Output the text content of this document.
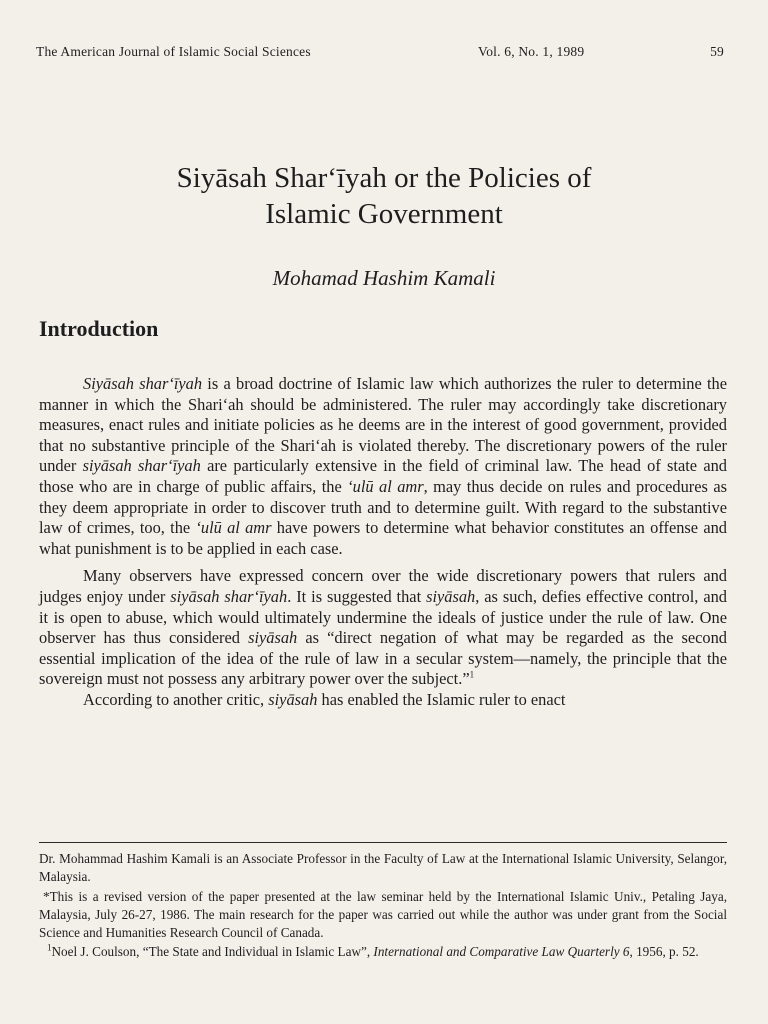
The American Journal of Islamic Social Sciences	Vol. 6, No. 1, 1989	59
Siyāsah Shar‘īyah or the Policies of
Islamic Government
Mohamad Hashim Kamali
Introduction

Siyāsah shar‘īyah is a broad doctrine of Islamic law which authorizes the ruler to determine the manner in which the Shari‘ah should be administered. The ruler may accordingly take discretionary measures, enact rules and initiate policies as he deems are in the interest of good government, provided that no substantive principle of the Shari‘ah is violated thereby. The discretionary powers of the ruler under siyāsah shar‘īyah are particularly extensive in the field of criminal law. The head of state and those who are in charge of public affairs, the ‘ulū al amr, may thus decide on rules and procedures as they deem appropriate in order to discover truth and to determine guilt. With regard to the substantive law of crimes, too, the ‘ulū al amr have powers to determine what behavior constitutes an offense and what punishment is to be applied in each case.

Many observers have expressed concern over the wide discretionary powers that rulers and judges enjoy under siyāsah shar‘īyah. It is suggested that siyāsah, as such, defies effective control, and it is open to abuse, which would ultimately undermine the ideals of justice under the rule of law. One observer has thus considered siyāsah as “direct negation of what may be regarded as the second essential implication of the idea of the rule of law in a secular system—namely, the principle that the sovereign must not possess any arbitrary power over the subject.”$^1$

According to another critic, siyāsah has enabled the Islamic ruler to enact

Dr. Mohammad Hashim Kamali is an Associate Professor in the Faculty of Law at the International Islamic University, Selangor, Malaysia.

*This is a revised version of the paper presented at the law seminar held by the International Islamic Univ., Petaling Jaya, Malaysia, July 26-27, 1986. The main research for the paper was carried out while the author was under grant from the Social Science and Humanities Research Council of Canada.

$^1$Noel J. Coulson, “The State and Individual in Islamic Law”, International and Comparative Law Quarterly 6, 1956, p. 52.
